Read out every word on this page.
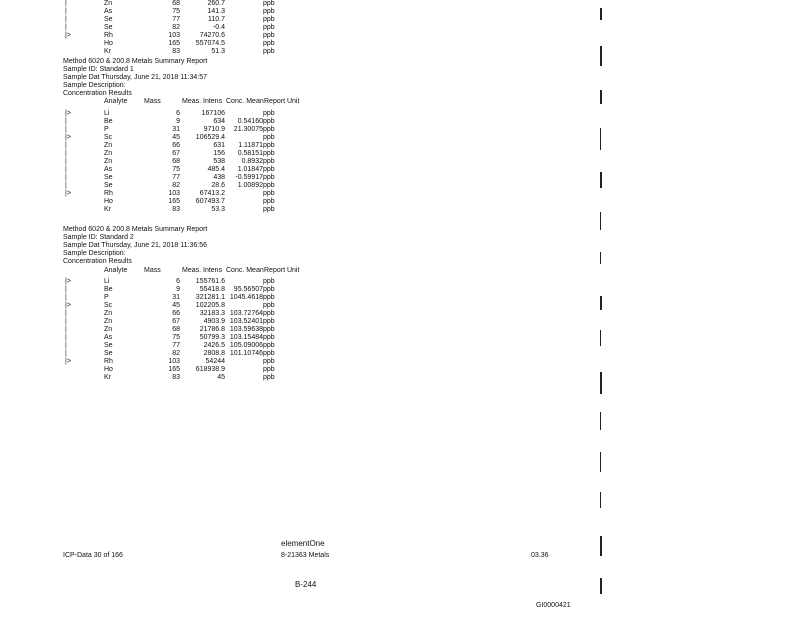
|	Zn	68	260.7	ppb
|	As	75	141.3	ppb
|	Se	77	110.7	ppb
|	Se	82	-0.4	ppb
|>	Rh	103	74270.6	ppb
Ho	165	557074.5	ppb
Kr	83	51.3	ppb
Method 6020 & 200.8 Metals Summary Report
Sample ID: Standard 1
Sample Dat Thursday, June 21, 2018 11:34:57
Sample Description:
Concentration Results
Analyte Mass	Meas. Intens Conc. Mean Report Unit
|>	Li	6	167106	ppb
|	Be	9	634	0.54160 ppb
|	P	31	9710.9	21.30075 ppb
|>	Sc	45	106529.4	ppb
|	Zn	66	631	1.11871 ppb
|	Zn	67	156	0.58151 ppb
|	Zn	68	538	0.8932 ppb
|	As	75	485.4	1.01847 ppb
|	Se	77	438	-0.59917 ppb
|	Se	82	28.6	1.00892 ppb
|>	Rh	103	67413.2	ppb
Ho	165	607493.7	ppb
Kr	83	53.3	ppb
Method 6020 & 200.8 Metals Summary Report
Sample ID: Standard 2
Sample Dat Thursday, June 21, 2018 11:36:56
Sample Description:
Concentration Results
Analyte Mass	Meas. Intens Conc. Mean Report Unit
|>	Li	6	155761.6	ppb
|	Be	9	55418.8	95.56507 ppb
|	P	31	321281.1 1045.4618 ppb
|>	Sc	45	102205.8	ppb
|	Zn	66	32183.3 103.72764 ppb
|	Zn	67	4903.9 103.52401 ppb
|	Zn	68	21786.8 103.59638 ppb
|	As	75	50799.3 103.15484 ppb
|	Se	77	2426.5 105.09006 ppb
|	Se	82	2808.8 101.10746 ppb
|>	Rh	103	54244	ppb
Ho	165	618938.9	ppb
Kr	83	45	ppb
elementOne
ICP-Data 30 of 166	8-21363 Metals	03.36
B-244
GI0000421
